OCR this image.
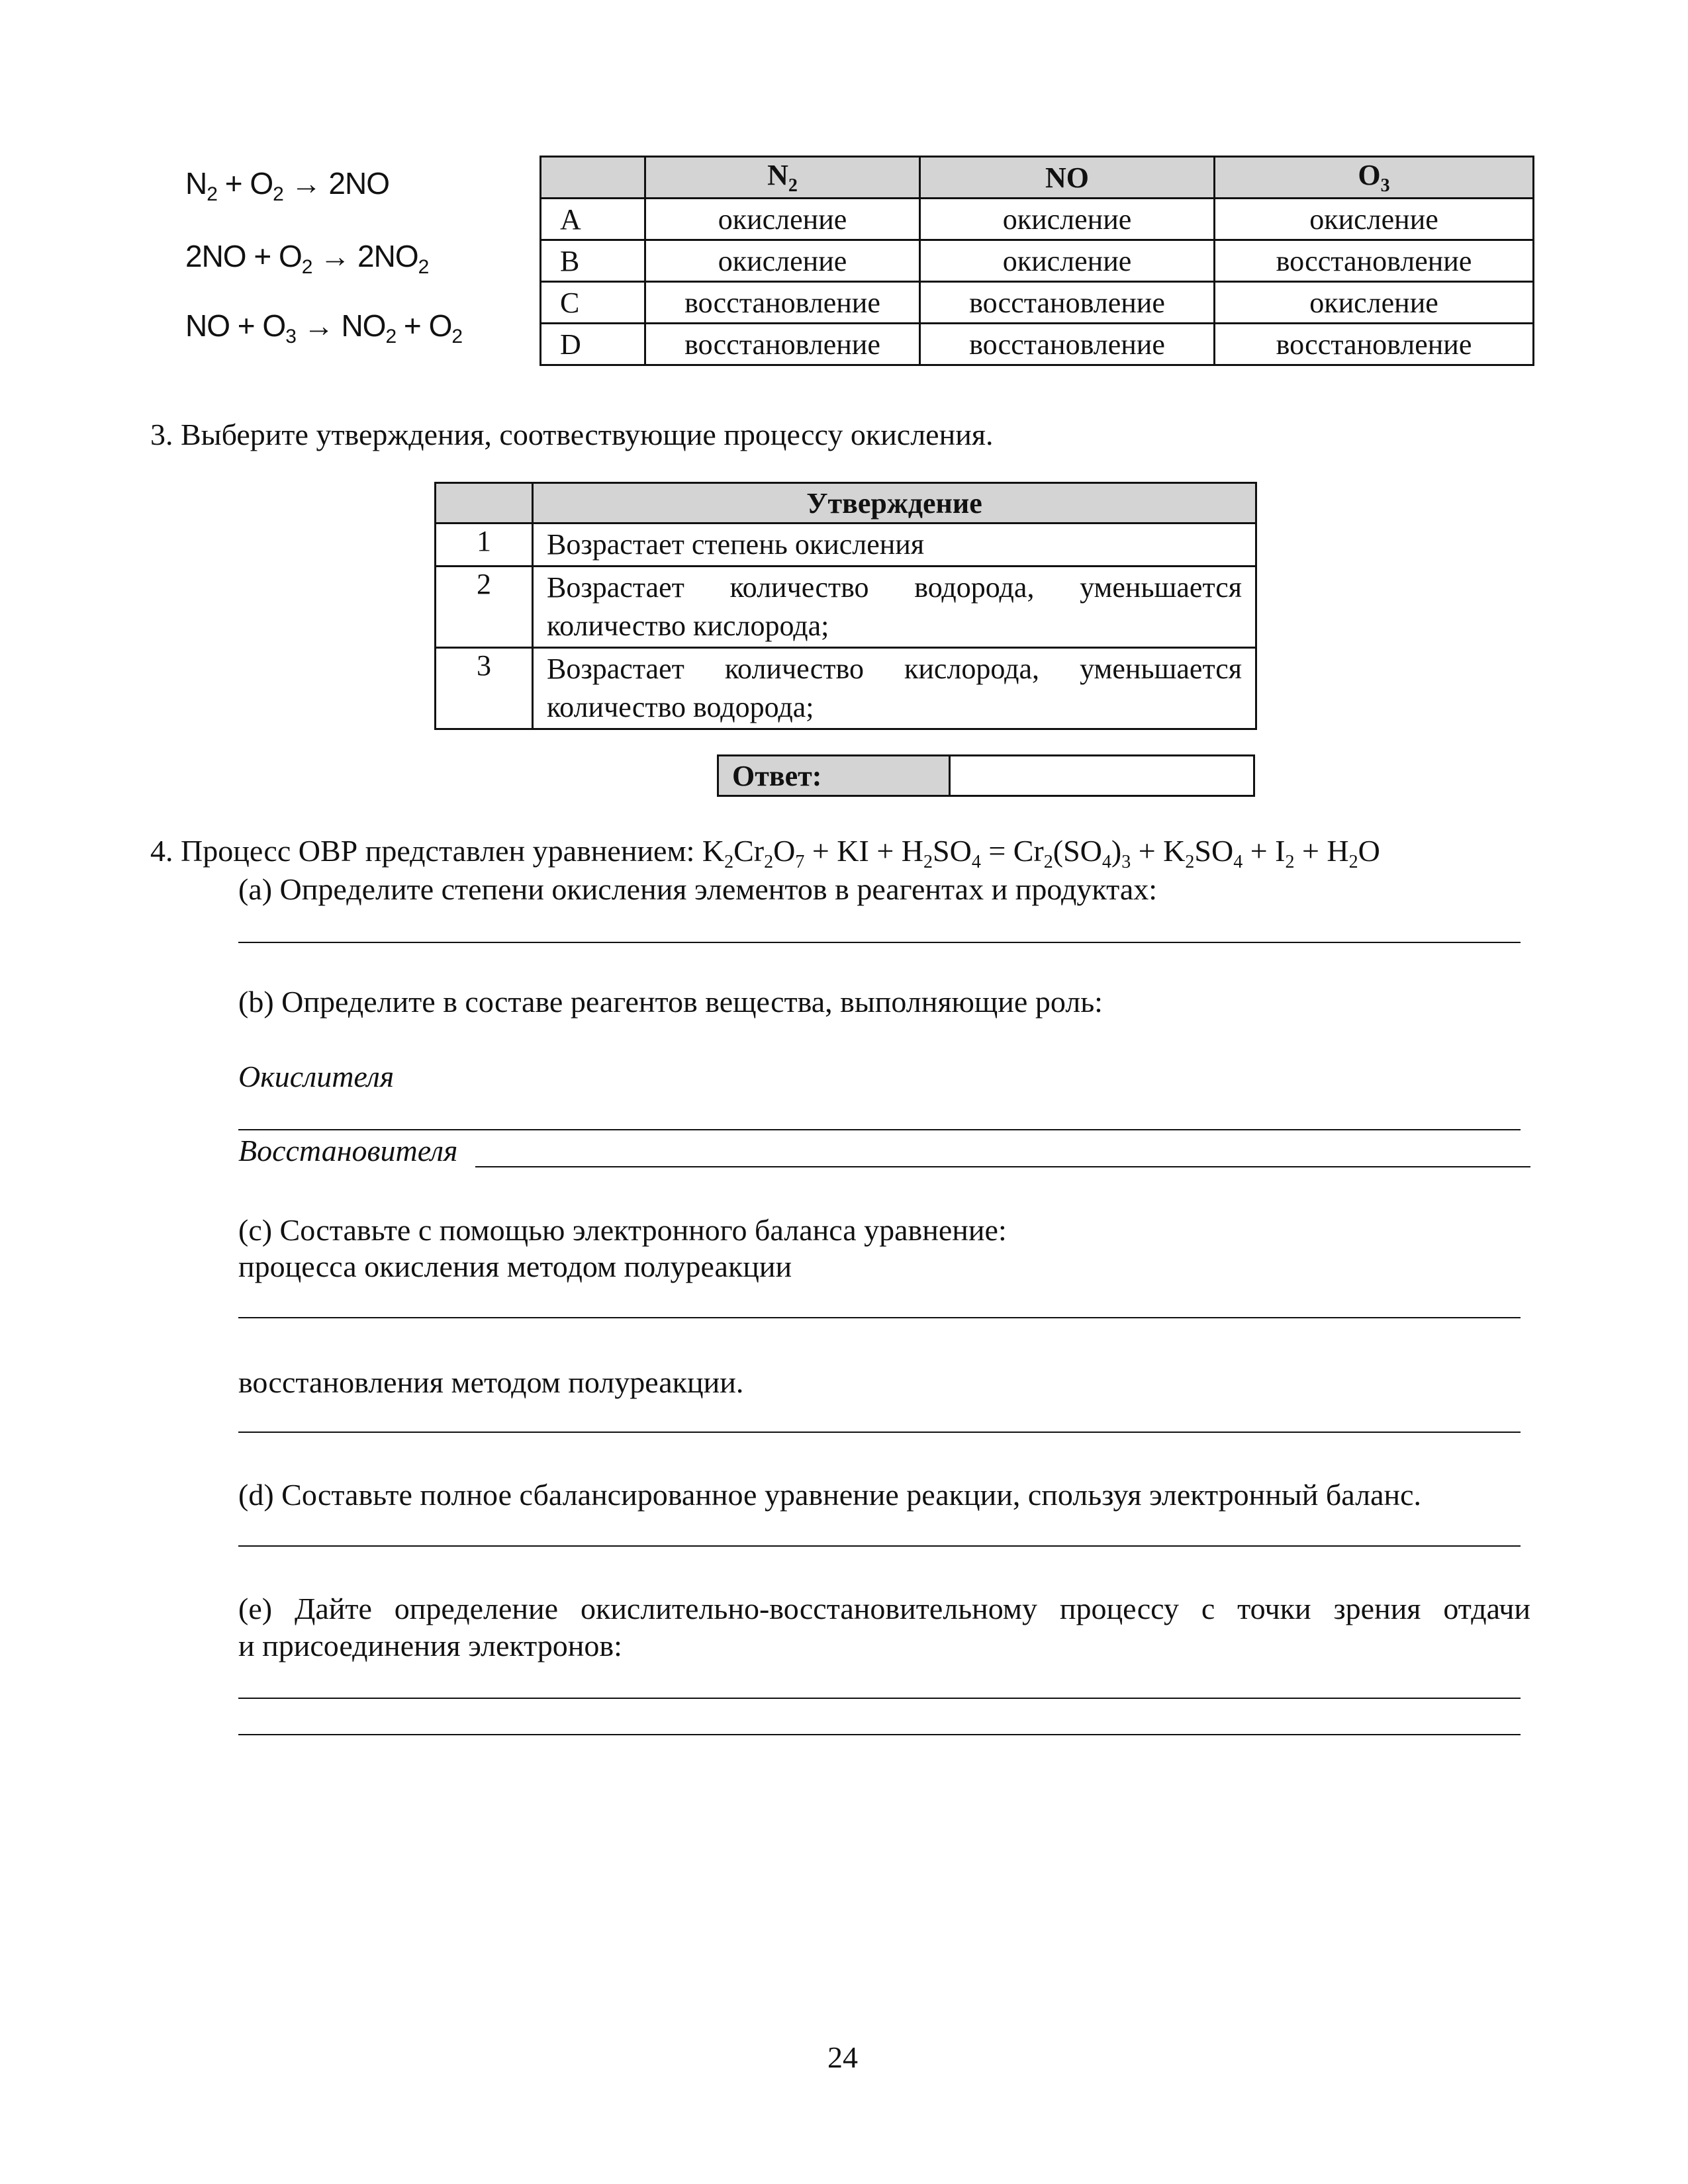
$N_2 + O_2 \to 2NO$
$2NO + O_2 \to 2NO_2$
NO + $O_3 \to NO_2 + O_2$
	$N_2$	NO	$O_3$
A	окисление	окисление	окисление
B	окисление	окисление	восстановление
C	восстановление	восстановление	окисление
D	восстановление	восстановление	восстановление
3. Выберите утверждения, соотвествующие процессу окисления.
	Утверждение
1	Возрастает степень окисления
2	Возрастает количество водорода, уменьшается количество кислорода;
3	Возрастает количество кислорода, уменьшается количество водорода;
Ответ:	
4. Процесс ОВР представлен уравнением: $K_2Cr_2O_7$ + KI + $H_2SO_4 = Cr_2(SO_4)_3 + K_2SO_4 + I_2 + H_2O$
(a) Определите степени окисления элементов в реагентах и продуктах:
(b) Определите в составе реагентов вещества, выполняющие роль:
Окислителя
Восстановителя
(c) Составьте с помощью электронного баланса уравнение:
процесса окисления методом полуреакции
восстановления методом полуреакции.
(d) Составьте полное сбалансированное уравнение реакции, спользуя электронный баланс.
(e) Дайте определение окислительно-восстановительному процессу с точки зрения отдачи
и присоединения электронов:
24
